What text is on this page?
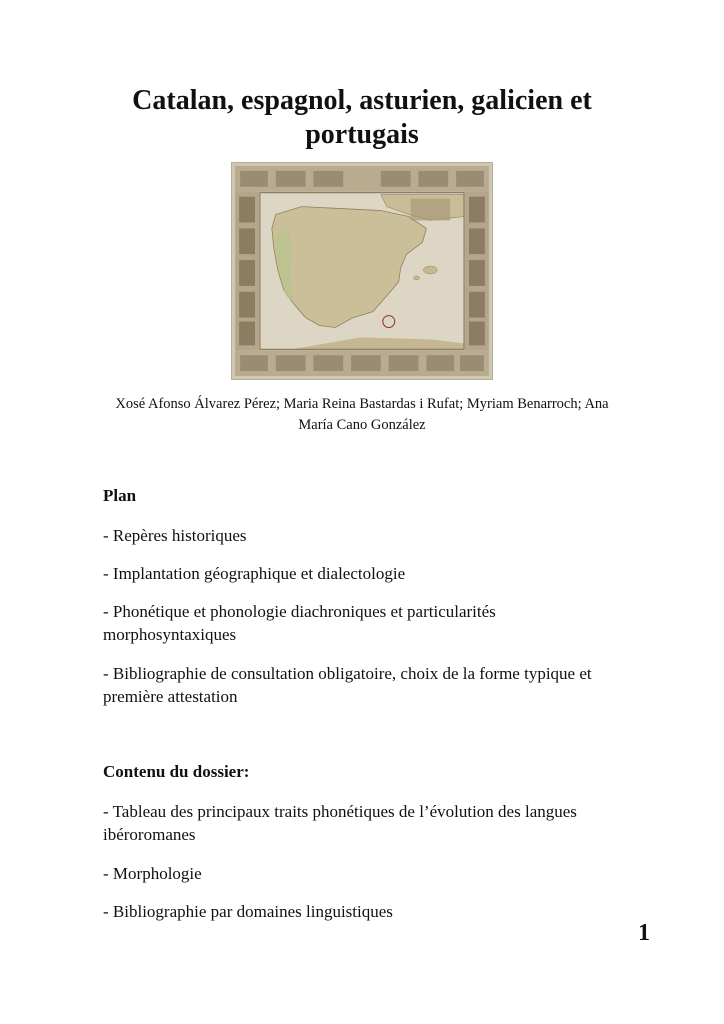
Catalan, espagnol, asturien, galicien et portugais

Xosé Afonso Álvarez Pérez; Maria Reina Bastardas i Rufat; Myriam Benarroch; Ana María Cano González

Plan

- Repères historiques

- Implantation géographique et dialectologie

- Phonétique et phonologie diachroniques et particularités morphosyntaxiques

- Bibliographie de consultation obligatoire, choix de la forme typique et première attestation

Contenu du dossier:

- Tableau des principaux traits phonétiques de l’évolution des langues ibéroromanes

- Morphologie

- Bibliographie par domaines linguistiques

1
